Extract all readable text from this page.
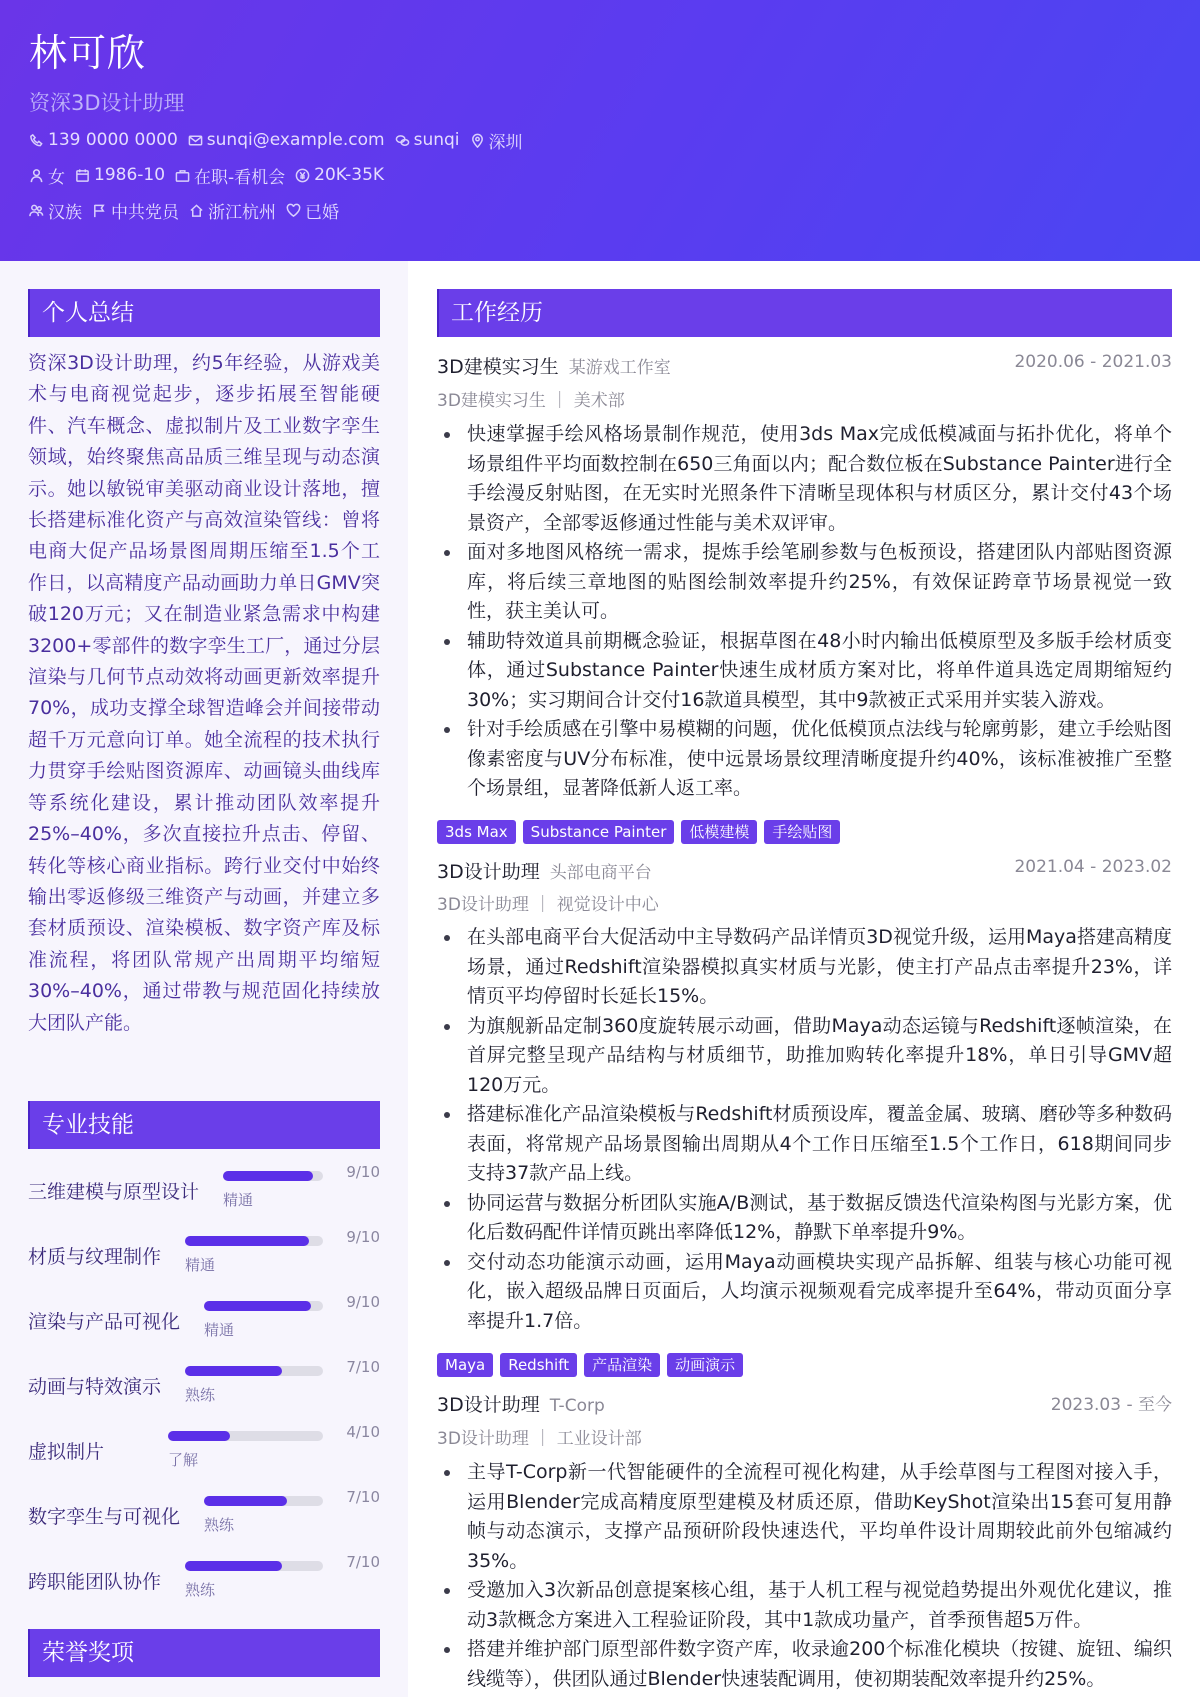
林可欣
资深3D设计助理
139 0000 0000 sunqi@example.com sunqi 深圳
女 1986-10 在职-看机会 20K-35K
汉族 中共党员 浙江杭州 已婚
个人总结
资深3D设计助理，约5年经验，从游戏美术与电商视觉起步，逐步拓展至智能硬件、汽车概念、虚拟制片及工业数字孪生领域，始终聚焦高品质三维呈现与动态演示。她以敏锐审美驱动商业设计落地，擅长搭建标准化资产与高效渲染管线：曾将电商大促产品场景图周期压缩至1.5个工作日，以高精度产品动画助力单日GMV突破120万元；又在制造业紧急需求中构建3200+零部件的数字孪生工厂，通过分层渲染与几何节点动效将动画更新效率提升70%，成功支撑全球智造峰会并间接带动超千万元意向订单。她全流程的技术执行力贯穿手绘贴图资源库、动画镜头曲线库等系统化建设，累计推动团队效率提升25%–40%，多次直接拉升点击、停留、转化等核心商业指标。跨行业交付中始终输出零返修级三维资产与动画，并建立多套材质预设、渲染模板、数字资产库及标准流程，将团队常规产出周期平均缩短30%–40%，通过带教与规范固化持续放大团队产能。
专业技能
三维建模与原型设计 精通
9/10
材质与纹理制作 精通
9/10
渲染与产品可视化 精通
9/10
动画与特效演示 熟练
7/10
虚拟制片	了解
4/10
数字孪生与可视化 熟练
7/10
跨职能团队协作 熟练
7/10
荣誉奖项
工作经历
3D建模实习生 某游戏工作室	2020.06 - 2021.03
3D建模实习生 ｜ 美术部
快速掌握手绘风格场景制作规范，使用3ds Max完成低模减面与拓扑优化，将单个场景组件平均面数控制在650三角面以内；配合数位板在Substance Painter进行全手绘漫反射贴图，在无实时光照条件下清晰呈现体积与材质区分，累计交付43个场景资产，全部零返修通过性能与美术双评审。
面对多地图风格统一需求，提炼手绘笔刷参数与色板预设，搭建团队内部贴图资源库，将后续三章地图的贴图绘制效率提升约25%，有效保证跨章节场景视觉一致性，获主美认可。
辅助特效道具前期概念验证，根据草图在48小时内输出低模原型及多版手绘材质变体，通过Substance Painter快速生成材质方案对比，将单件道具选定周期缩短约30%；实习期间合计交付16款道具模型，其中9款被正式采用并实装入游戏。
针对手绘质感在引擎中易模糊的问题，优化低模顶点法线与轮廓剪影，建立手绘贴图像素密度与UV分布标准，使中远景场景纹理清晰度提升约40%，该标准被推广至整个场景组，显著降低新人返工率。
3ds Max	Substance Painter	低模建模	手绘贴图
3D设计助理 头部电商平台	2021.04 - 2023.02
3D设计助理 ｜ 视觉设计中心
在头部电商平台大促活动中主导数码产品详情页3D视觉升级，运用Maya搭建高精度场景，通过Redshift渲染器模拟真实材质与光影，使主打产品点击率提升23%，详情页平均停留时长延长15%。
为旗舰新品定制360度旋转展示动画，借助Maya动态运镜与Redshift逐帧渲染，在首屏完整呈现产品结构与材质细节，助推加购转化率提升18%，单日引导GMV超120万元。
搭建标准化产品渲染模板与Redshift材质预设库，覆盖金属、玻璃、磨砂等多种数码表面，将常规产品场景图输出周期从4个工作日压缩至1.5个工作日，618期间同步支持37款产品上线。
协同运营与数据分析团队实施A/B测试，基于数据反馈迭代渲染构图与光影方案，优化后数码配件详情页跳出率降低12%，静默下单率提升9%。
交付动态功能演示动画，运用Maya动画模块实现产品拆解、组装与核心功能可视化，嵌入超级品牌日页面后，人均演示视频观看完成率提升至64%，带动页面分享率提升1.7倍。
Maya	Redshift	产品渲染	动画演示
3D设计助理 T-Corp	2023.03 - 至今
3D设计助理 ｜ 工业设计部
主导T-Corp新一代智能硬件的全流程可视化构建，从手绘草图与工程图对接入手，运用Blender完成高精度原型建模及材质还原，借助KeyShot渲染出15套可复用静帧与动态演示，支撑产品预研阶段快速迭代，平均单件设计周期较此前外包缩减约35%。
受邀加入3次新品创意提案核心组，基于人机工程与视觉趋势提出外观优化建议，推动3款概念方案进入工程验证阶段，其中1款成功量产，首季预售超5万件。
搭建并维护部门原型部件数字资产库，收录逾200个标准化模块（按键、旋钮、编织线缆等），供团队通过Blender快速装配调用，使初期装配效率提升约25%。
